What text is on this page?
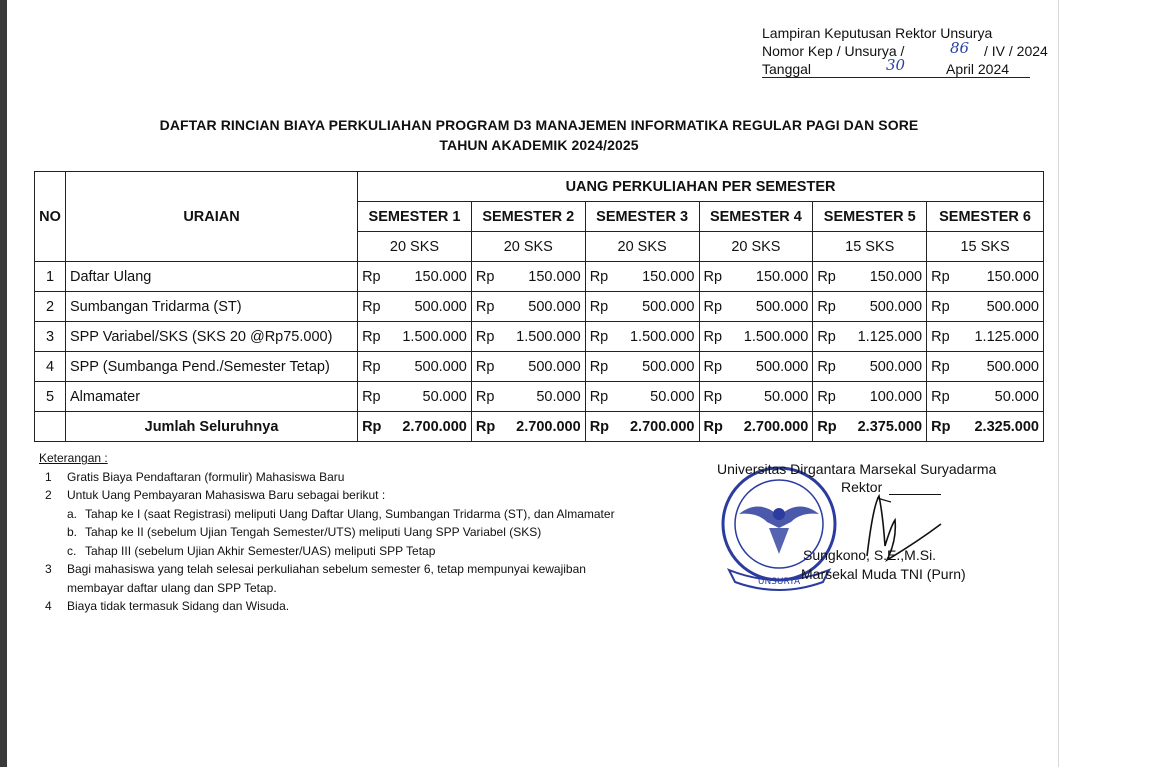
Lampiran Keputusan Rektor Unsurya
Nomor Kep / Unsurya /	86 / IV / 2024
Tanggal	30	April 2024
DAFTAR RINCIAN BIAYA PERKULIAHAN PROGRAM D3 MANAJEMEN INFORMATIKA REGULAR PAGI DAN SORE
TAHUN AKADEMIK 2024/2025
NO	URAIAN	UANG PERKULIAHAN PER SEMESTER					
		SEMESTER 1	SEMESTER 2	SEMESTER 3	SEMESTER 4	SEMESTER 5	SEMESTER 6
		20 SKS	20 SKS	20 SKS	20 SKS	15 SKS	15 SKS
1	Daftar Ulang	Rp 150.000	Rp 150.000	Rp 150.000	Rp 150.000	Rp 150.000	Rp 150.000

2	Sumbangan Tridarma (ST)	Rp 500.000	Rp 500.000	Rp 500.000	Rp 500.000	Rp 500.000	Rp 500.000

3	SPP Variabel/SKS (SKS 20 @Rp75.000)	Rp 1.500.000	Rp 1.500.000	Rp 1.500.000	Rp 1.500.000	Rp 1.125.000	Rp 1.125.000

4	SPP (Sumbanga Pend./Semester Tetap)	Rp 500.000	Rp 500.000	Rp 500.000	Rp 500.000	Rp 500.000	Rp 500.000

5	Almamater	Rp 50.000	Rp 50.000	Rp 50.000	Rp 50.000	Rp 100.000	Rp 50.000

	Jumlah Seluruhnya	Rp 2.700.000	Rp 2.700.000	Rp 2.700.000	Rp 2.700.000	Rp 2.375.000	Rp 2.325.000
Keterangan :
1	Gratis Biaya Pendaftaran (formulir) Mahasiswa Baru
2	Untuk Uang Pembayaran Mahasiswa Baru sebagai berikut :
a. Tahap ke I (saat Registrasi) meliputi Uang Daftar Ulang, Sumbangan Tridarma (ST), dan Almamater
b. Tahap ke II (sebelum Ujian Tengah Semester/UTS) meliputi Uang SPP Variabel (SKS)
c. Tahap III (sebelum Ujian Akhir Semester/UAS) meliputi SPP Tetap
3	Bagi mahasiswa yang telah selesai perkuliahan sebelum semester 6, tetap mempunyai kewajiban
membayar daftar ulang dan SPP Tetap.
4	Biaya tidak termasuk Sidang dan Wisuda.
UNSURYA
Universitas Dirgantara Marsekal Suryadarma
Rektor
Sungkono, S.E.,M.Si.
Marsekal Muda TNI (Purn)
